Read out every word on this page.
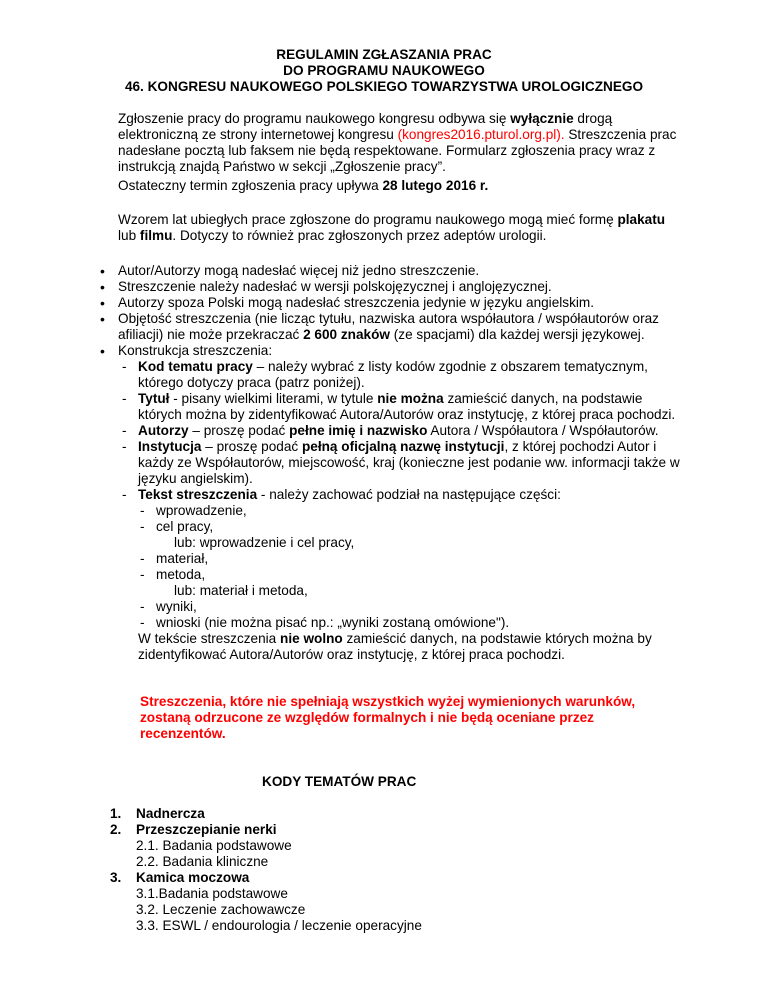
REGULAMIN ZGŁASZANIA PRAC
DO PROGRAMU NAUKOWEGO
46. KONGRESU NAUKOWEGO POLSKIEGO TOWARZYSTWA UROLOGICZNEGO
Zgłoszenie pracy do programu naukowego kongresu odbywa się wyłącznie drogą elektroniczną ze strony internetowej kongresu (kongres2016.pturol.org.pl). Streszczenia prac nadesłane pocztą lub faksem nie będą respektowane. Formularz zgłoszenia pracy wraz z instrukcją znajdą Państwo w sekcji „Zgłoszenie pracy”.
Ostateczny termin zgłoszenia pracy upływa 28 lutego 2016 r.
Wzorem lat ubiegłych prace zgłoszone do programu naukowego mogą mieć formę plakatu lub filmu. Dotyczy to również prac zgłoszonych przez adeptów urologii.
• Autor/Autorzy mogą nadesłać więcej niż jedno streszczenie.
• Streszczenie należy nadesłać w wersji polskojęzycznej i anglojęzycznej.
• Autorzy spoza Polski mogą nadesłać streszczenia jedynie w języku angielskim.
• Objętość streszczenia (nie licząc tytułu, nazwiska autora współautora / współautorów oraz afiliacji) nie może przekraczać 2 600 znaków (ze spacjami) dla każdej wersji językowej.
• Konstrukcja streszczenia:
- Kod tematu pracy – należy wybrać z listy kodów zgodnie z obszarem tematycznym, którego dotyczy praca (patrz poniżej).
- Tytuł - pisany wielkimi literami, w tytule nie można zamieścić danych, na podstawie których można by zidentyfikować Autora/Autorów oraz instytucję, z której praca pochodzi.
- Autorzy – proszę podać pełne imię i nazwisko Autora / Współautora / Współautorów.
- Instytucja – proszę podać pełną oficjalną nazwę instytucji, z której pochodzi Autor i każdy ze Współautorów, miejscowość, kraj (konieczne jest podanie ww. informacji także w języku angielskim).
- Tekst streszczenia - należy zachować podział na następujące części:
- wprowadzenie,
- cel pracy,
lub: wprowadzenie i cel pracy,
- materiał,
- metoda,
lub: materiał i metoda,
- wyniki,
- wnioski (nie można pisać np.: „wyniki zostaną omówione").
W tekście streszczenia nie wolno zamieścić danych, na podstawie których można by zidentyfikować Autora/Autorów oraz instytucję, z której praca pochodzi.
Streszczenia, które nie spełniają wszystkich wyżej wymienionych warunków, zostaną odrzucone ze względów formalnych i nie będą oceniane przez recenzentów.
KODY TEMATÓW PRAC
1. Nadnercza
2. Przeszczepianie nerki
2.1. Badania podstawowe
2.2. Badania kliniczne
3. Kamica moczowa
3.1.Badania podstawowe
3.2. Leczenie zachowawcze
3.3. ESWL / endourologia / leczenie operacyjne
